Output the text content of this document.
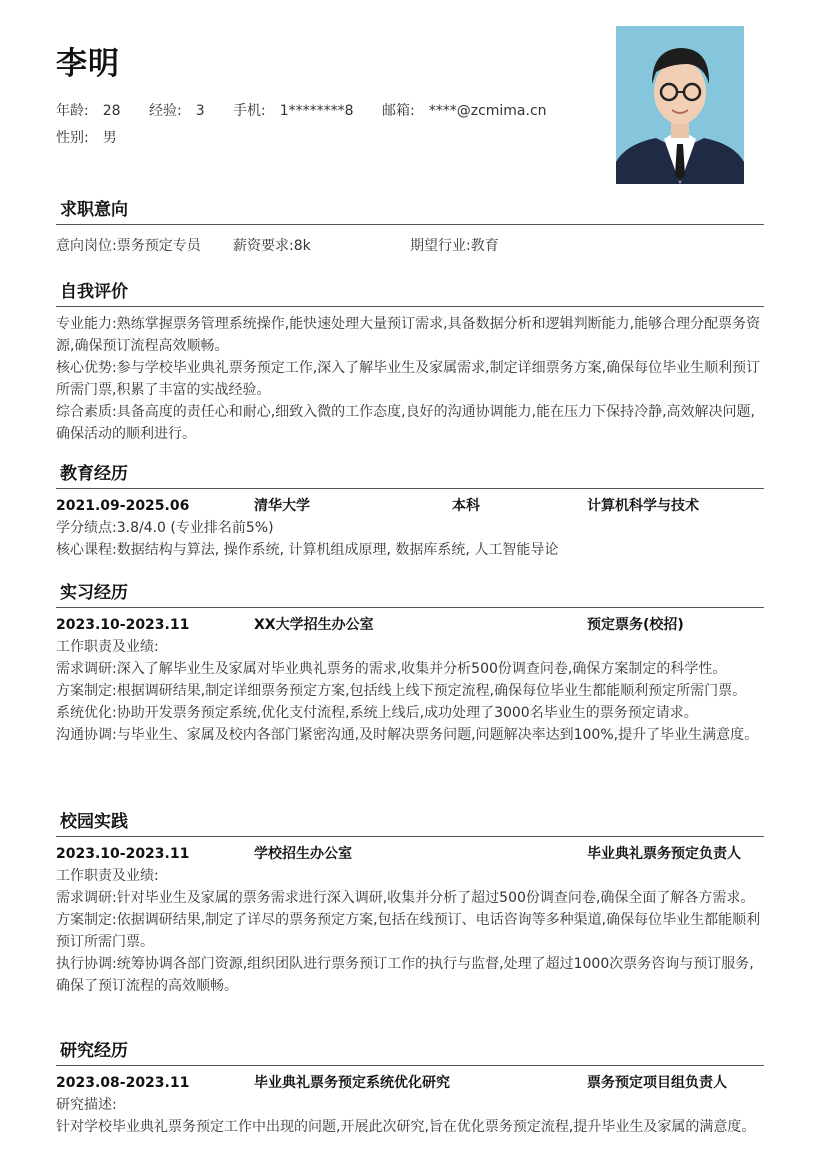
李明
年龄: 28 经验: 3 手机: 1********8 邮箱: ****@zcmima.cn
性别: 男
求职意向
意向岗位:票务预定专员 薪资要求:8k	期望行业:教育
自我评价

专业能力:熟练掌握票务管理系统操作,能快速处理大量预订需求,具备数据分析和逻辑判断能力,能够合理分配票务资源,确保预订流程高效顺畅。

核心优势:参与学校毕业典礼票务预定工作,深入了解毕业生及家属需求,制定详细票务方案,确保每位毕业生顺利预订所需门票,积累了丰富的实战经验。

综合素质:具备高度的责任心和耐心,细致入微的工作态度,良好的沟通协调能力,能在压力下保持冷静,高效解决问题,确保活动的顺利进行。

教育经历
2021.09-2025.06	清华大学	本科	计算机科学与技术

学分绩点:3.8/4.0 (专业排名前5%)

核心课程:数据结构与算法, 操作系统, 计算机组成原理, 数据库系统, 人工智能导论

实习经历
2023.10-2023.11	XX大学招生办公室	预定票务(校招)

工作职责及业绩:

需求调研:深入了解毕业生及家属对毕业典礼票务的需求,收集并分析500份调查问卷,确保方案制定的科学性。

方案制定:根据调研结果,制定详细票务预定方案,包括线上线下预定流程,确保每位毕业生都能顺利预定所需门票。

系统优化:协助开发票务预定系统,优化支付流程,系统上线后,成功处理了3000名毕业生的票务预定请求。

沟通协调:与毕业生、家属及校内各部门紧密沟通,及时解决票务问题,问题解决率达到100%,提升了毕业生满意度。

校园实践
2023.10-2023.11	学校招生办公室	毕业典礼票务预定负责人

工作职责及业绩:

需求调研:针对毕业生及家属的票务需求进行深入调研,收集并分析了超过500份调查问卷,确保全面了解各方需求。

方案制定:依据调研结果,制定了详尽的票务预定方案,包括在线预订、电话咨询等多种渠道,确保每位毕业生都能顺利预订所需门票。

执行协调:统筹协调各部门资源,组织团队进行票务预订工作的执行与监督,处理了超过1000次票务咨询与预订服务,确保了预订流程的高效顺畅。

研究经历
2023.08-2023.11	毕业典礼票务预定系统优化研究	票务预定项目组负责人

研究描述:

针对学校毕业典礼票务预定工作中出现的问题,开展此次研究,旨在优化票务预定流程,提升毕业生及家属的满意度。
